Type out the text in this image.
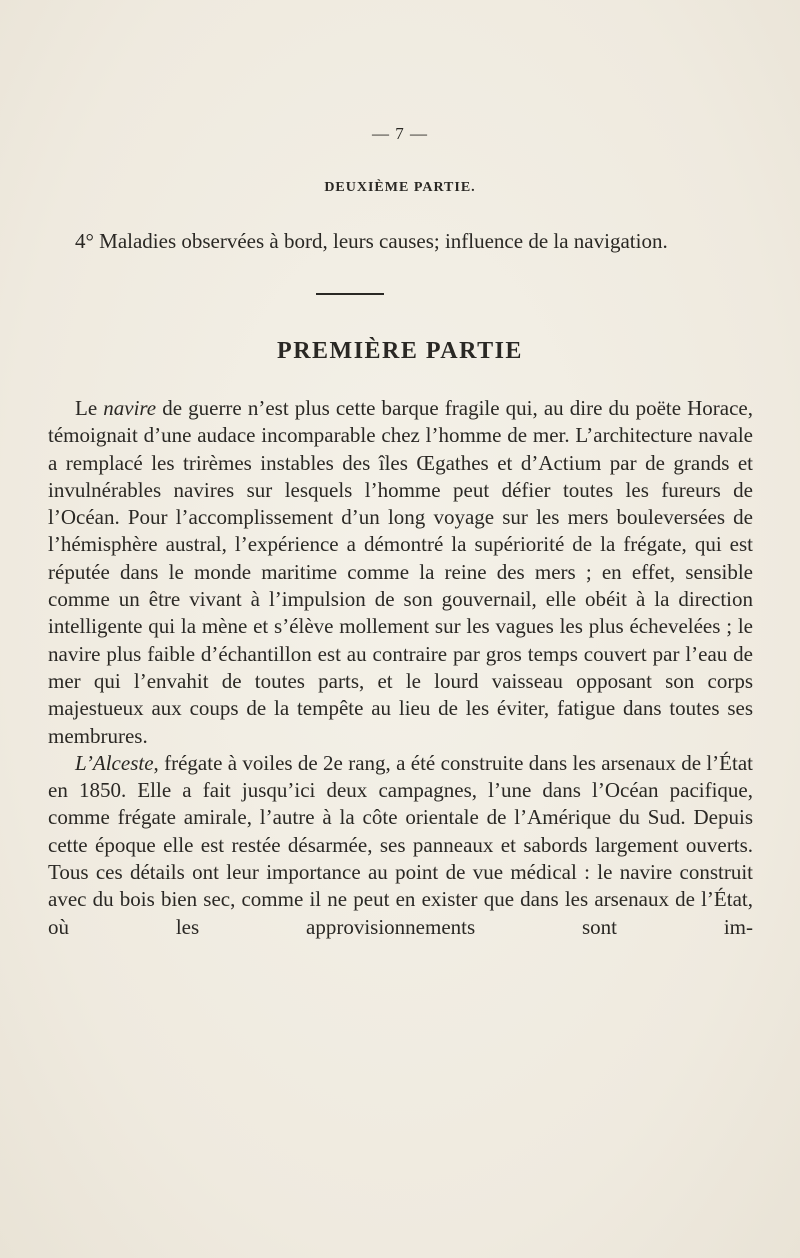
— 7 —
DEUXIÈME PARTIE.
4° Maladies observées à bord, leurs causes; influence de la navigation.
PREMIÈRE PARTIE

Le navire de guerre n’est plus cette barque fragile qui, au dire du poëte Horace, témoignait d’une audace incomparable chez l’homme de mer. L’architecture navale a remplacé les trirèmes instables des îles Œgathes et d’Actium par de grands et invulnérables navires sur lesquels l’homme peut défier toutes les fureurs de l’Océan. Pour l’accomplissement d’un long voyage sur les mers bouleversées de l’hémisphère austral, l’expérience a démontré la supériorité de la frégate, qui est réputée dans le monde maritime comme la reine des mers ; en effet, sensible comme un être vivant à l’impulsion de son gouvernail, elle obéit à la direction intelligente qui la mène et s’élève mollement sur les vagues les plus échevelées ; le navire plus faible d’échantillon est au contraire par gros temps couvert par l’eau de mer qui l’envahit de toutes parts, et le lourd vaisseau opposant son corps majestueux aux coups de la tempête au lieu de les éviter, fatigue dans toutes ses membrures.

L’Alceste, frégate à voiles de 2e rang, a été construite dans les arsenaux de l’État en 1850. Elle a fait jusqu’ici deux campagnes, l’une dans l’Océan pacifique, comme frégate amirale, l’autre à la côte orientale de l’Amérique du Sud. Depuis cette époque elle est restée désarmée, ses panneaux et sabords largement ouverts. Tous ces détails ont leur importance au point de vue médical : le navire construit avec du bois bien sec, comme il ne peut en exister que dans les arsenaux de l’État, où les approvisionnements sont im-
